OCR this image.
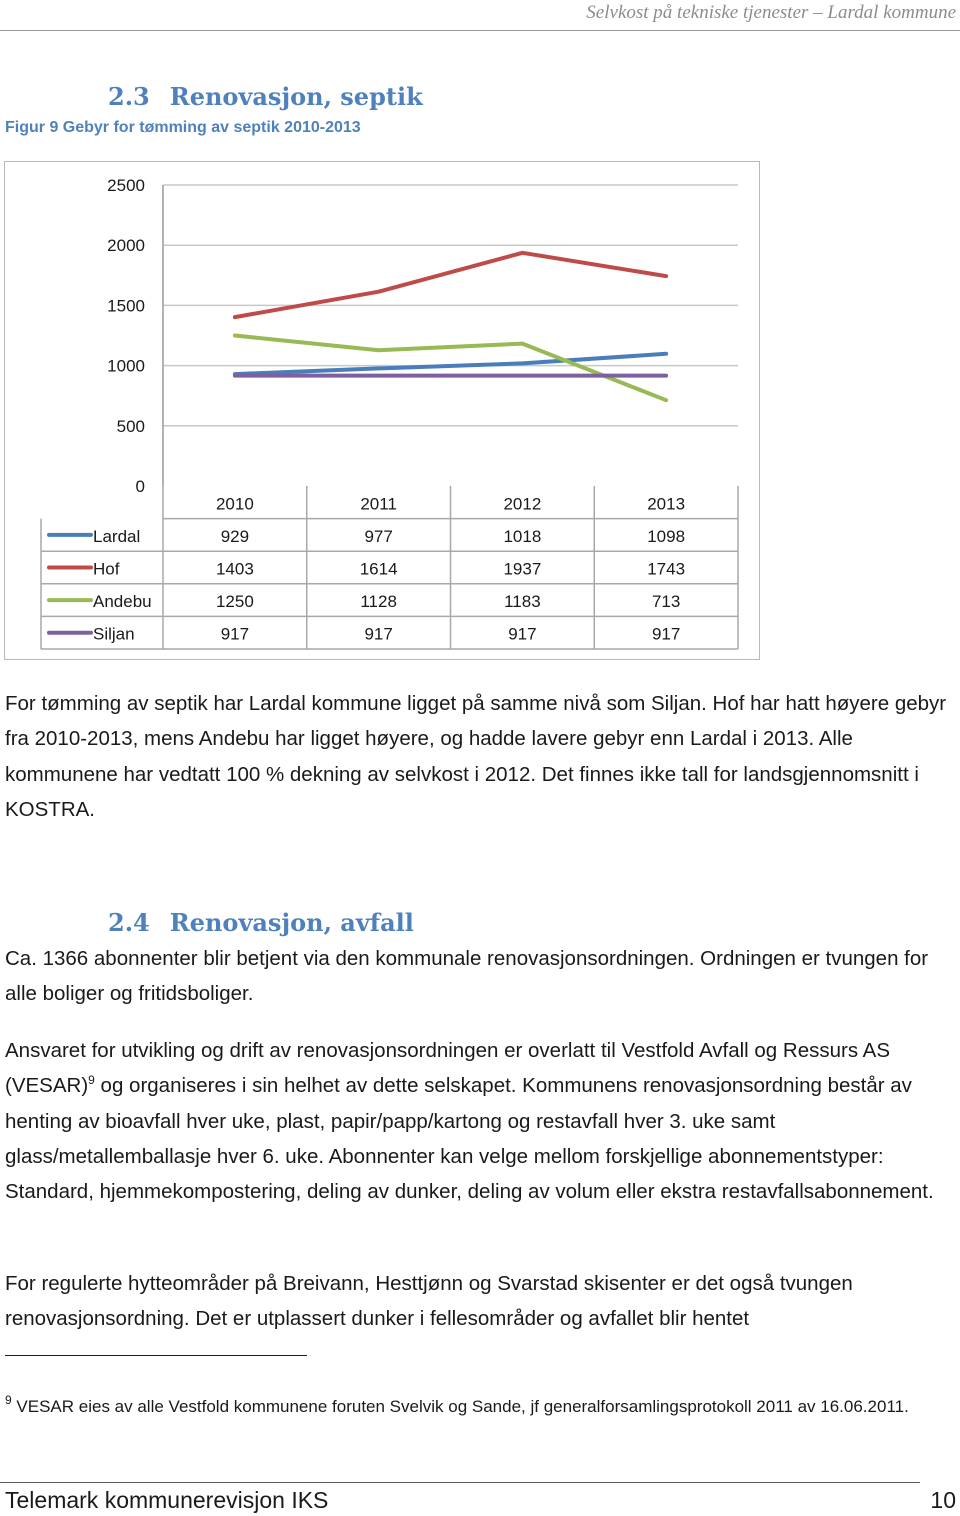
Selvkost på tekniske tjenester – Lardal kommune
2.3 Renovasjon, septik
Figur 9 Gebyr for tømming av septik 2010-2013
0
500
1000
1500
2000
2500
2010	2011	2012	2013
Lardal	929	977	1018	1098
Hof	1403	1614	1937	1743
Andebu	1250	1128	1183	713
Siljan	917	917	917	917

For tømming av septik har Lardal kommune ligget på samme nivå som Siljan. Hof har hatt høyere gebyr fra 2010-2013, mens Andebu har ligget høyere, og hadde lavere gebyr enn Lardal i 2013. Alle kommunene har vedtatt 100 % dekning av selvkost i 2012. Det finnes ikke tall for landsgjennomsnitt i KOSTRA.

2.4 Renovasjon, avfall

Ca. 1366 abonnenter blir betjent via den kommunale renovasjonsordningen. Ordningen er tvungen for alle boliger og fritidsboliger.

Ansvaret for utvikling og drift av renovasjonsordningen er overlatt til Vestfold Avfall og Ressurs AS (VESAR)$^9$ og organiseres i sin helhet av dette selskapet. Kommunens renovasjonsordning består av henting av bioavfall hver uke, plast, papir/papp/kartong og restavfall hver 3. uke samt glass/metallemballasje hver 6. uke. Abonnenter kan velge mellom forskjellige abonnementstyper: Standard, hjemmekompostering, deling av dunker, deling av volum eller ekstra restavfallsabonnement.

For regulerte hytteområder på Breivann, Hesttjønn og Svarstad skisenter er det også tvungen renovasjonsordning. Det er utplassert dunker i fellesområder og avfallet blir hentet

$^9$ VESAR eies av alle Vestfold kommunene foruten Svelvik og Sande, jf generalforsamlingsprotokoll 2011 av 16.06.2011.
Telemark kommunerevisjon IKS	10
